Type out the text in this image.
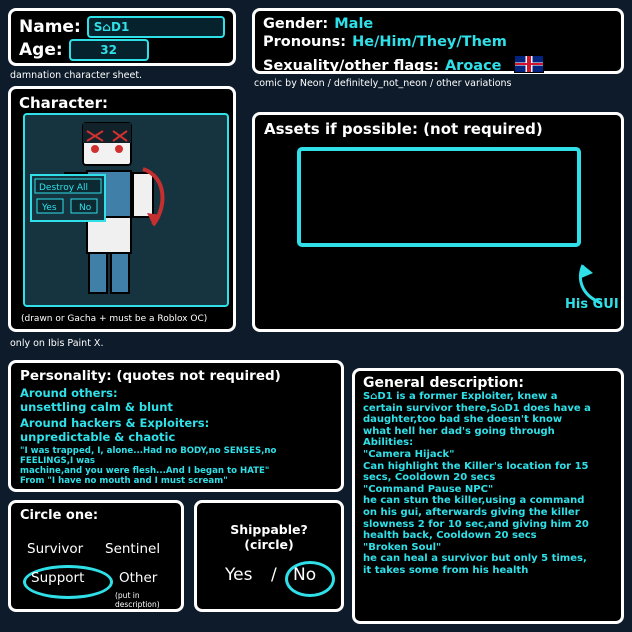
Name:	S⌂D1
Age:	32
damnation character sheet.
Gender: Male
Pronouns: He/Him/They/Them
Sexuality/other flags: Aroace
comic by Neon / definitely_not_neon / other variations
Character:
Destroy All
Yes No
(drawn or Gacha + must be a Roblox OC)
Assets if possible: (not required)
His GUI
only on Ibis Paint X.
Personality: (quotes not required)
Around others:
unsettling calm & blunt
Around hackers & Exploiters:
unpredictable & chaotic
"I was trapped, I, alone...Had no BODY,no SENSES,no FEELINGS,I was
machine,and you were flesh...And I began to HATE"
From "I have no mouth and I must scream"
General description:
S⌂D1 is a former Exploiter, knew a
certain survivor there,S⌂D1 does have a
daughter,too bad she doesn't know
what hell her dad's going through
Abilities:
"Camera Hijack"
Can highlight the Killer's location for 15
secs, Cooldown 20 secs
"Command Pause NPC"
he can stun the killer,using a command
on his gui, afterwards giving the killer
slowness 2 for 10 sec,and giving him 20
health back, Cooldown 20 secs
"Broken Soul"
he can heal a survivor but only 5 times,
it takes some from his health
Circle one:
Survivor Sentinel
Support	Other
(put in description)
Shippable? (circle)
Yes / No
